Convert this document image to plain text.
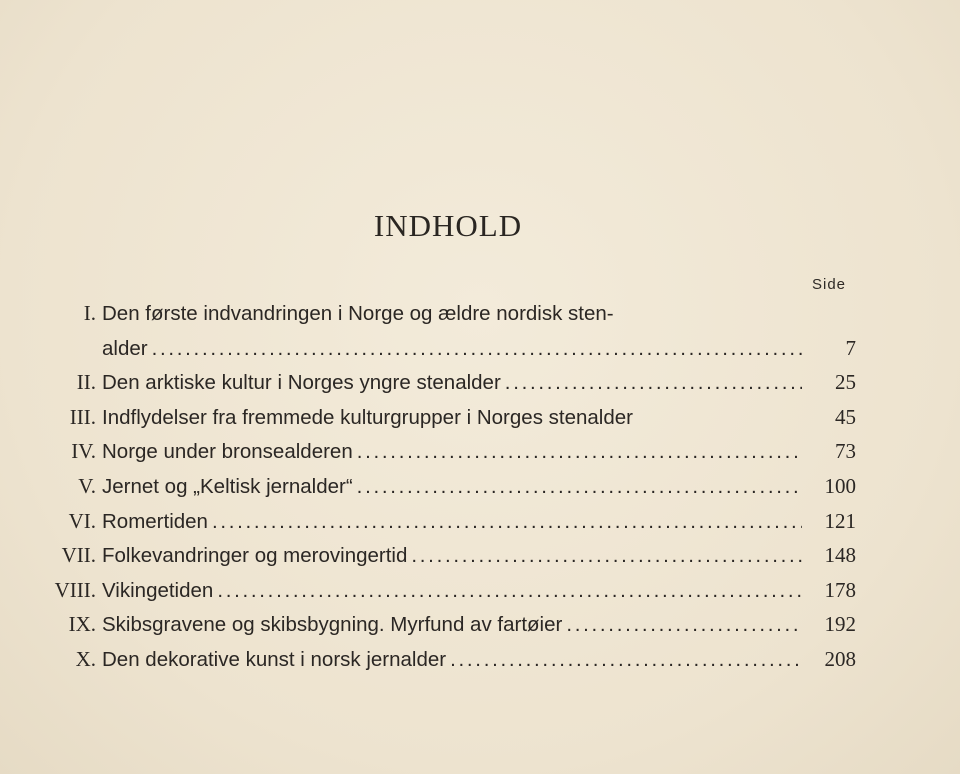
INDHOLD
Side
I. Den første indvandringen i Norge og ældre nordisk sten-
alder . . .	7
II. Den arktiske kultur i Norges yngre stenalder . . .	25
III. Indflydelser fra fremmede kulturgrupper i Norges stenalder	45
IV. Norge under bronsealderen . . .	73
V. Jernet og „Keltisk jernalder“ . . .	100
VI. Romertiden . . .	121
VII. Folkevandringer og merovingertid . . .	148
VIII. Vikingetiden . . .	178
IX. Skibsgravene og skibsbygning. Myrfund av fartøier . . .	192
X. Den dekorative kunst i norsk jernalder . . .	208
